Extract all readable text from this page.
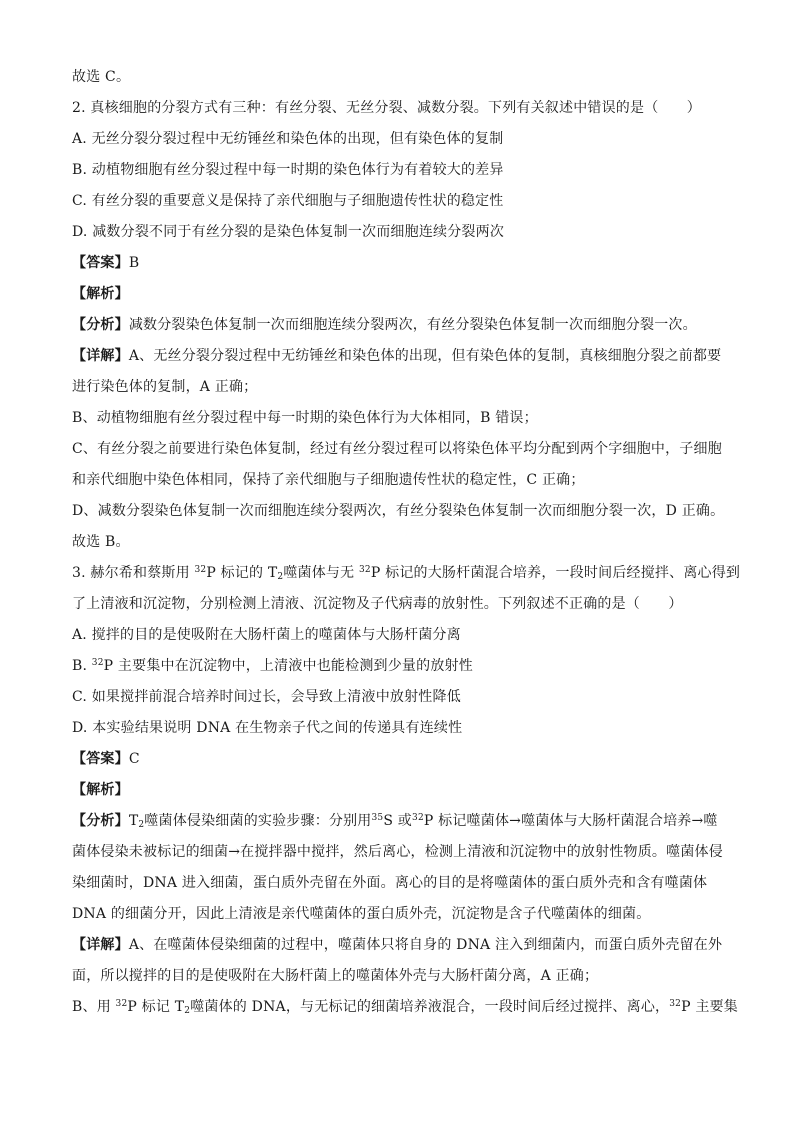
故选 C。
2. 真核细胞的分裂方式有三种：有丝分裂、无丝分裂、减数分裂。下列有关叙述中错误的是（　　）
A. 无丝分裂分裂过程中无纺锤丝和染色体的出现，但有染色体的复制
B. 动植物细胞有丝分裂过程中每一时期的染色体行为有着较大的差异
C. 有丝分裂的重要意义是保持了亲代细胞与子细胞遗传性状的稳定性
D. 减数分裂不同于有丝分裂的是染色体复制一次而细胞连续分裂两次
【答案】B
【解析】
【分析】减数分裂染色体复制一次而细胞连续分裂两次，有丝分裂染色体复制一次而细胞分裂一次。
【详解】A、无丝分裂分裂过程中无纺锤丝和染色体的出现，但有染色体的复制，真核细胞分裂之前都要
进行染色体的复制，A 正确；
B、动植物细胞有丝分裂过程中每一时期的染色体行为大体相同，B 错误；
C、有丝分裂之前要进行染色体复制，经过有丝分裂过程可以将染色体平均分配到两个字细胞中，子细胞
和亲代细胞中染色体相同，保持了亲代细胞与子细胞遗传性状的稳定性，C 正确；
D、减数分裂染色体复制一次而细胞连续分裂两次，有丝分裂染色体复制一次而细胞分裂一次，D 正确。
故选 B。
3. 赫尔希和蔡斯用 $^{32}$P 标记的 $T_2$噬菌体与无 $^{32}$P 标记的大肠杆菌混合培养，一段时间后经搅拌、离心得到
了上清液和沉淀物，分别检测上清液、沉淀物及子代病毒的放射性。下列叙述不正确的是（　　）
A. 搅拌的目的是使吸附在大肠杆菌上的噬菌体与大肠杆菌分离
B. $^{32}$P 主要集中在沉淀物中，上清液中也能检测到少量的放射性
C. 如果搅拌前混合培养时间过长，会导致上清液中放射性降低
D. 本实验结果说明 DNA 在生物亲子代之间的传递具有连续性
【答案】C
【解析】
【分析】$T_2$噬菌体侵染细菌的实验步骤：分别用$^{35}$S 或$^{32}$P 标记噬菌体→噬菌体与大肠杆菌混合培养→噬
菌体侵染未被标记的细菌→在搅拌器中搅拌，然后离心，检测上清液和沉淀物中的放射性物质。噬菌体侵
染细菌时，DNA 进入细菌，蛋白质外壳留在外面。离心的目的是将噬菌体的蛋白质外壳和含有噬菌体
DNA 的细菌分开，因此上清液是亲代噬菌体的蛋白质外壳，沉淀物是含子代噬菌体的细菌。
【详解】A、在噬菌体侵染细菌的过程中，噬菌体只将自身的 DNA 注入到细菌内，而蛋白质外壳留在外
面，所以搅拌的目的是使吸附在大肠杆菌上的噬菌体外壳与大肠杆菌分离，A 正确；
B、用 $^{32}$P 标记 $T_2$噬菌体的 DNA，与无标记的细菌培养液混合，一段时间后经过搅拌、离心，$^{32}$P 主要集
